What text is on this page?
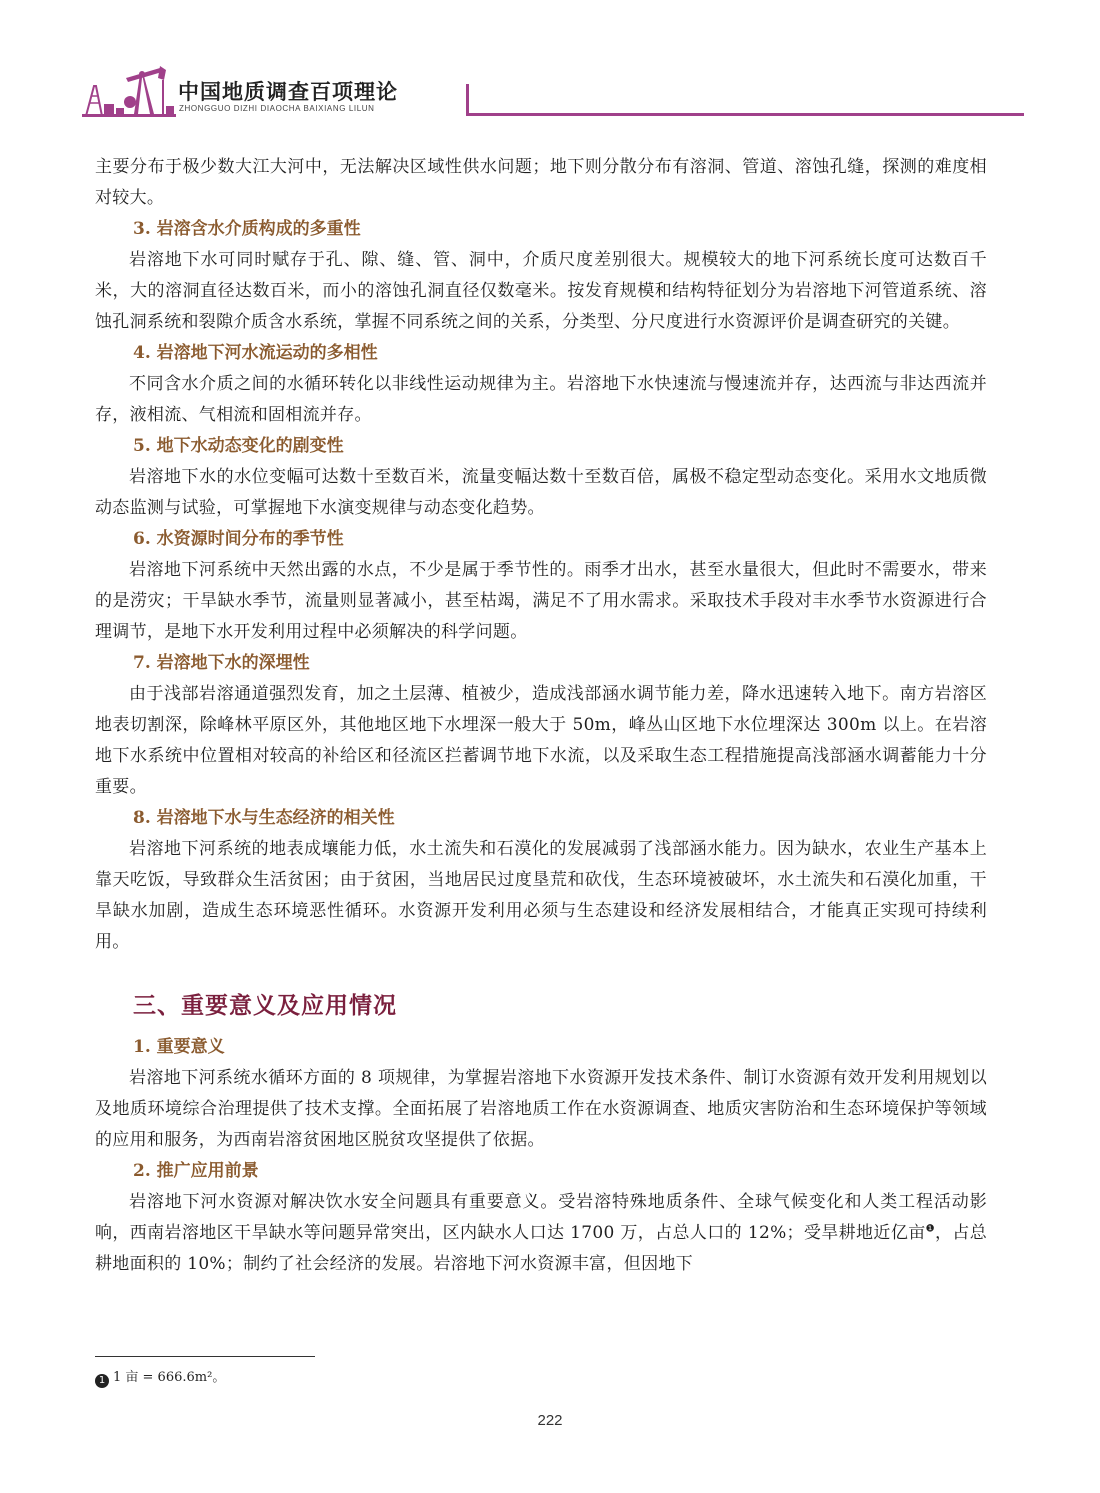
中国地质调查百项理论
ZHONGGUO DIZHI DIAOCHA BAIXIANG LILUN

主要分布于极少数大江大河中，无法解决区域性供水问题；地下则分散分布有溶洞、管道、溶蚀孔缝，探测的难度相对较大。

3. 岩溶含水介质构成的多重性

岩溶地下水可同时赋存于孔、隙、缝、管、洞中，介质尺度差别很大。规模较大的地下河系统长度可达数百千米，大的溶洞直径达数百米，而小的溶蚀孔洞直径仅数毫米。按发育规模和结构特征划分为岩溶地下河管道系统、溶蚀孔洞系统和裂隙介质含水系统，掌握不同系统之间的关系，分类型、分尺度进行水资源评价是调查研究的关键。

4. 岩溶地下河水流运动的多相性

不同含水介质之间的水循环转化以非线性运动规律为主。岩溶地下水快速流与慢速流并存，达西流与非达西流并存，液相流、气相流和固相流并存。

5. 地下水动态变化的剧变性

岩溶地下水的水位变幅可达数十至数百米，流量变幅达数十至数百倍，属极不稳定型动态变化。采用水文地质微动态监测与试验，可掌握地下水演变规律与动态变化趋势。

6. 水资源时间分布的季节性

岩溶地下河系统中天然出露的水点，不少是属于季节性的。雨季才出水，甚至水量很大，但此时不需要水，带来的是涝灾；干旱缺水季节，流量则显著减小，甚至枯竭，满足不了用水需求。采取技术手段对丰水季节水资源进行合理调节，是地下水开发利用过程中必须解决的科学问题。

7. 岩溶地下水的深埋性

由于浅部岩溶通道强烈发育，加之土层薄、植被少，造成浅部涵水调节能力差，降水迅速转入地下。南方岩溶区地表切割深，除峰林平原区外，其他地区地下水埋深一般大于 50m，峰丛山区地下水位埋深达 300m 以上。在岩溶地下水系统中位置相对较高的补给区和径流区拦蓄调节地下水流，以及采取生态工程措施提高浅部涵水调蓄能力十分重要。

8. 岩溶地下水与生态经济的相关性

岩溶地下河系统的地表成壤能力低，水土流失和石漠化的发展减弱了浅部涵水能力。因为缺水，农业生产基本上靠天吃饭，导致群众生活贫困；由于贫困，当地居民过度垦荒和砍伐，生态环境被破坏，水土流失和石漠化加重，干旱缺水加剧，造成生态环境恶性循环。水资源开发利用必须与生态建设和经济发展相结合，才能真正实现可持续利用。

三、重要意义及应用情况

1. 重要意义

岩溶地下河系统水循环方面的 8 项规律，为掌握岩溶地下水资源开发技术条件、制订水资源有效开发利用规划以及地质环境综合治理提供了技术支撑。全面拓展了岩溶地质工作在水资源调查、地质灾害防治和生态环境保护等领域的应用和服务，为西南岩溶贫困地区脱贫攻坚提供了依据。

2. 推广应用前景

岩溶地下河水资源对解决饮水安全问题具有重要意义。受岩溶特殊地质条件、全球气候变化和人类工程活动影响，西南岩溶地区干旱缺水等问题异常突出，区内缺水人口达 1700 万，占总人口的 12%；受旱耕地近亿亩$^❶$，占总耕地面积的 10%；制约了社会经济的发展。岩溶地下河水资源丰富，但因地下

1 1 亩 = 666.6m²。
222
